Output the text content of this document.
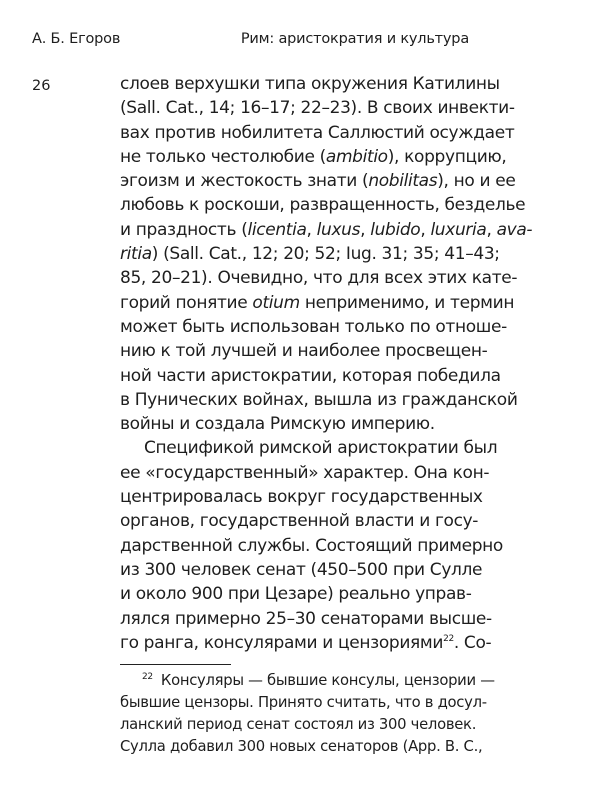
А. Б. Егоров	Рим: аристократия и культура
26	слоев верхушки типа окружения Катилины
(Sall. Cat., 14; 16–17; 22–23). В своих инвекти-
вах против нобилитета Саллюстий осуждает
не только честолюбие (ambitio), коррупцию,
эгоизм и жестокость знати (nobilitas), но и ее
любовь к роскоши, развращенность, безделье
и праздность (licentia, luxus, lubido, luxuria, ava-
ritia) (Sall. Cat., 12; 20; 52; Iug. 31; 35; 41–43;
85, 20–21). Очевидно, что для всех этих кате-
горий понятие otium неприменимо, и термин
может быть использован только по отноше-
нию к той лучшей и наиболее просвещен-
ной части аристократии, которая победила
в Пунических войнах, вышла из гражданской
войны и создала Римскую империю.
Спецификой римской аристократии был
ее «государственный» характер. Она кон-
центрировалась вокруг государственных
органов, государственной власти и госу-
дарственной службы. Состоящий примерно
из 300 человек сенат (450–500 при Сулле
и около 900 при Цезаре) реально управ-
лялся примерно 25–30 сенаторами высше-
го ранга, консулярами и цензориями$^{22}$. Со-
$^{22}$ Консуляры — бывшие консулы, цензории —
бывшие цензоры. Принято считать, что в досул-
ланский период сенат состоял из 300 человек.
Сулла добавил 300 новых сенаторов (App. B. C.,
